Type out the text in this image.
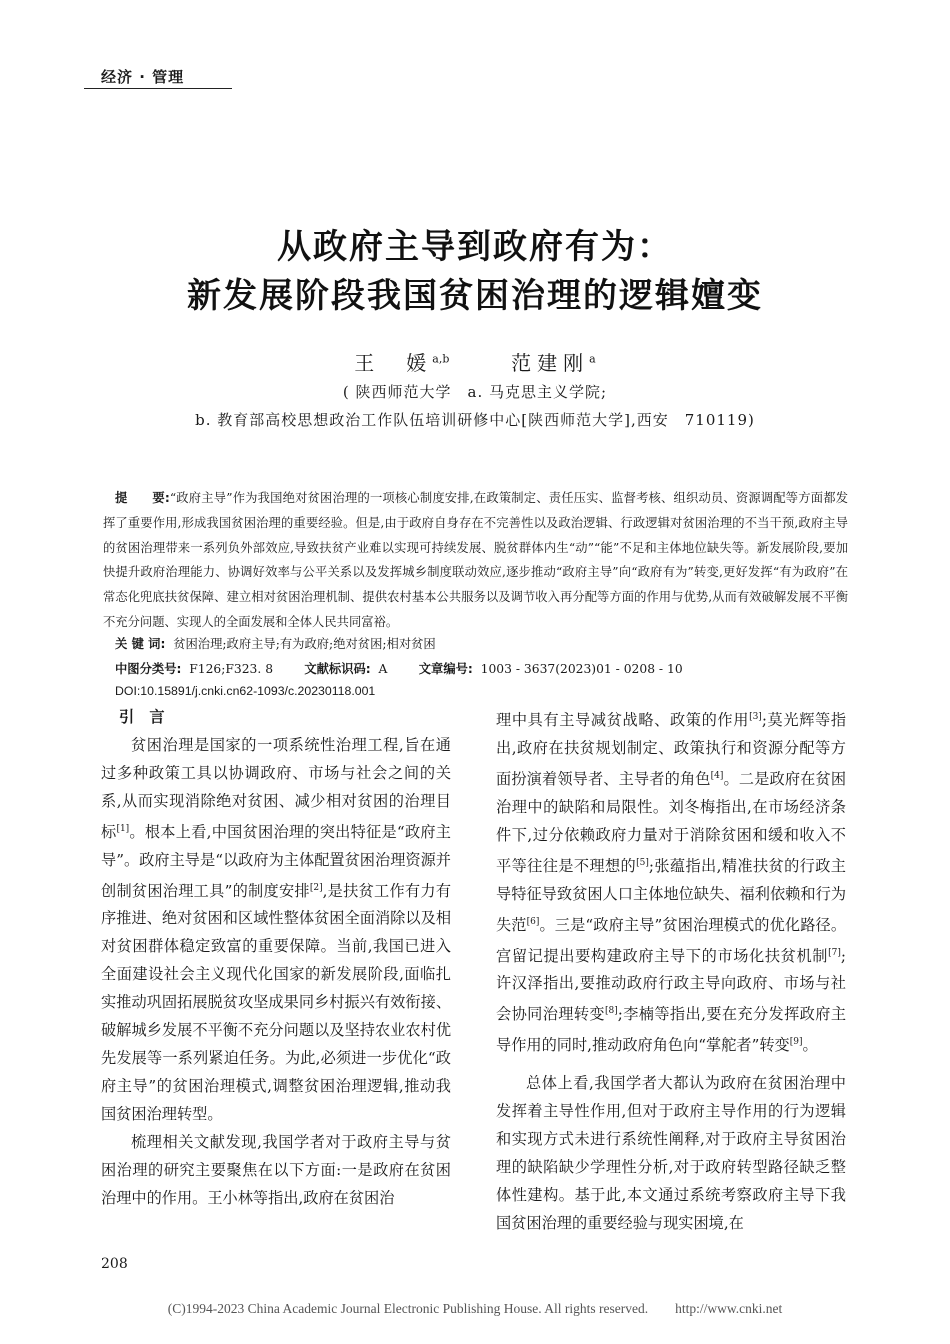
经济 · 管理
从政府主导到政府有为：
新发展阶段我国贫困治理的逻辑嬗变
王　媛$^{a,b}$	范建刚$^a$
( 陕西师范大学　a. 马克思主义学院;
b. 教育部高校思想政治工作队伍培训研修中心[陕西师范大学],西安　710119)
提　　要:“政府主导”作为我国绝对贫困治理的一项核心制度安排,在政策制定、责任压实、监督考核、组织动员、资源调配等方面都发挥了重要作用,形成我国贫困治理的重要经验。但是,由于政府自身存在不完善性以及政治逻辑、行政逻辑对贫困治理的不当干预,政府主导的贫困治理带来一系列负外部效应,导致扶贫产业难以实现可持续发展、脱贫群体内生“动”“能”不足和主体地位缺失等。新发展阶段,要加快提升政府治理能力、协调好效率与公平关系以及发挥城乡制度联动效应,逐步推动“政府主导”向“政府有为”转变,更好发挥“有为政府”在常态化兜底扶贫保障、建立相对贫困治理机制、提供农村基本公共服务以及调节收入再分配等方面的作用与优势,从而有效破解发展不平衡不充分问题、实现人的全面发展和全体人民共同富裕。
关 键 词: 贫困治理;政府主导;有为政府;绝对贫困;相对贫困
中图分类号: F126;F323. 8	文献标识码: A	文章编号: 1003 - 3637(2023)01 - 0208 - 10
DOI:10.15891/j.cnki.cn62-1093/c.20230118.001

引　言

贫困治理是国家的一项系统性治理工程,旨在通过多种政策工具以协调政府、市场与社会之间的关系,从而实现消除绝对贫困、减少相对贫困的治理目标[1]。根本上看,中国贫困治理的突出特征是“政府主导”。政府主导是“以政府为主体配置贫困治理资源并创制贫困治理工具”的制度安排[2],是扶贫工作有力有序推进、绝对贫困和区域性整体贫困全面消除以及相对贫困群体稳定致富的重要保障。当前,我国已进入全面建设社会主义现代化国家的新发展阶段,面临扎实推动巩固拓展脱贫攻坚成果同乡村振兴有效衔接、破解城乡发展不平衡不充分问题以及坚持农业农村优先发展等一系列紧迫任务。为此,必须进一步优化“政府主导”的贫困治理模式,调整贫困治理逻辑,推动我国贫困治理转型。

梳理相关文献发现,我国学者对于政府主导与贫困治理的研究主要聚焦在以下方面:一是政府在贫困治理中的作用。王小林等指出,政府在贫困治

理中具有主导减贫战略、政策的作用[3];莫光辉等指出,政府在扶贫规划制定、政策执行和资源分配等方面扮演着领导者、主导者的角色[4]。二是政府在贫困治理中的缺陷和局限性。刘冬梅指出,在市场经济条件下,过分依赖政府力量对于消除贫困和缓和收入不平等往往是不理想的[5];张蕴指出,精准扶贫的行政主导特征导致贫困人口主体地位缺失、福利依赖和行为失范[6]。三是“政府主导”贫困治理模式的优化路径。宫留记提出要构建政府主导下的市场化扶贫机制[7];许汉泽指出,要推动政府行政主导向政府、市场与社会协同治理转变[8];李楠等指出,要在充分发挥政府主导作用的同时,推动政府角色向“掌舵者”转变[9]。

总体上看,我国学者大都认为政府在贫困治理中发挥着主导性作用,但对于政府主导作用的行为逻辑和实现方式未进行系统性阐释,对于政府主导贫困治理的缺陷缺少学理性分析,对于政府转型路径缺乏整体性建构。基于此,本文通过系统考察政府主导下我国贫困治理的重要经验与现实困境,在

208
(C)1994-2023 China Academic Journal Electronic Publishing House. All rights reserved.　　http://www.cnki.net
